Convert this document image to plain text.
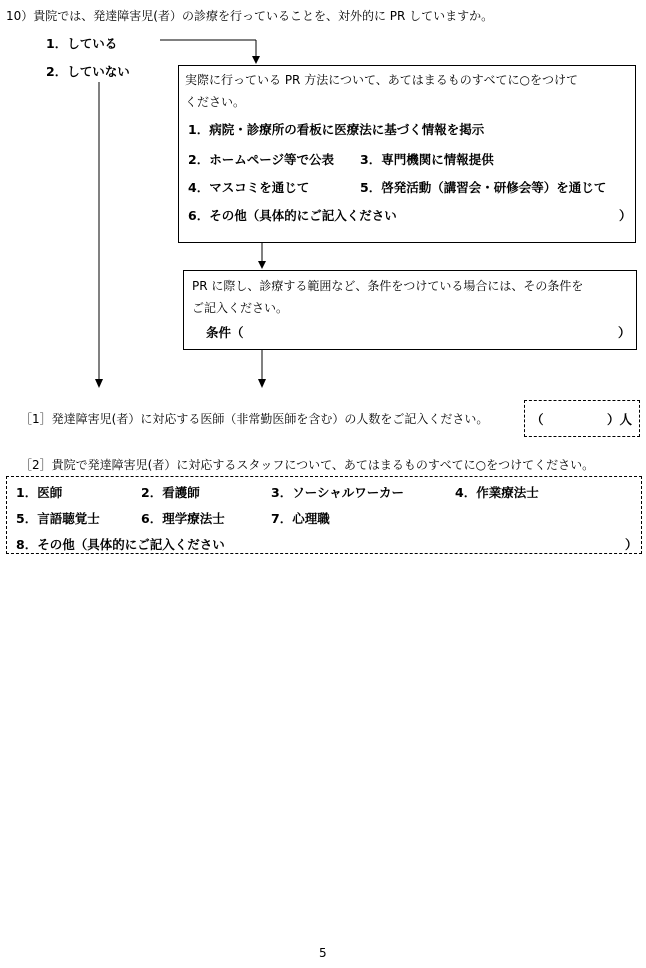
10）貴院では、発達障害児(者）の診療を行っていることを、対外的に PR していますか。
1．している
2．していない
実際に行っている PR 方法について、あてはまるものすべてに○をつけて
ください。
1．病院・診療所の看板に医療法に基づく情報を掲示
2．ホームページ等で公表 3．専門機関に情報提供
4．マスコミを通じて	5．啓発活動（講習会・研修会等）を通じて
6．その他（具体的にご記入ください	）
PR に際し、診療する範囲など、条件をつけている場合には、その条件を
ご記入ください。
条件（	）
［1］発達障害児(者）に対応する医師（非常勤医師を含む）の人数をご記入ください。	（	）人
［2］貴院で発達障害児(者）に対応するスタッフについて、あてはまるものすべてに○をつけてください。
1．医師	2．看護師	3．ソーシャルワーカー	4．作業療法士
5．言語聴覚士	6．理学療法士	7．心理職
8．その他（具体的にご記入ください	）
5
